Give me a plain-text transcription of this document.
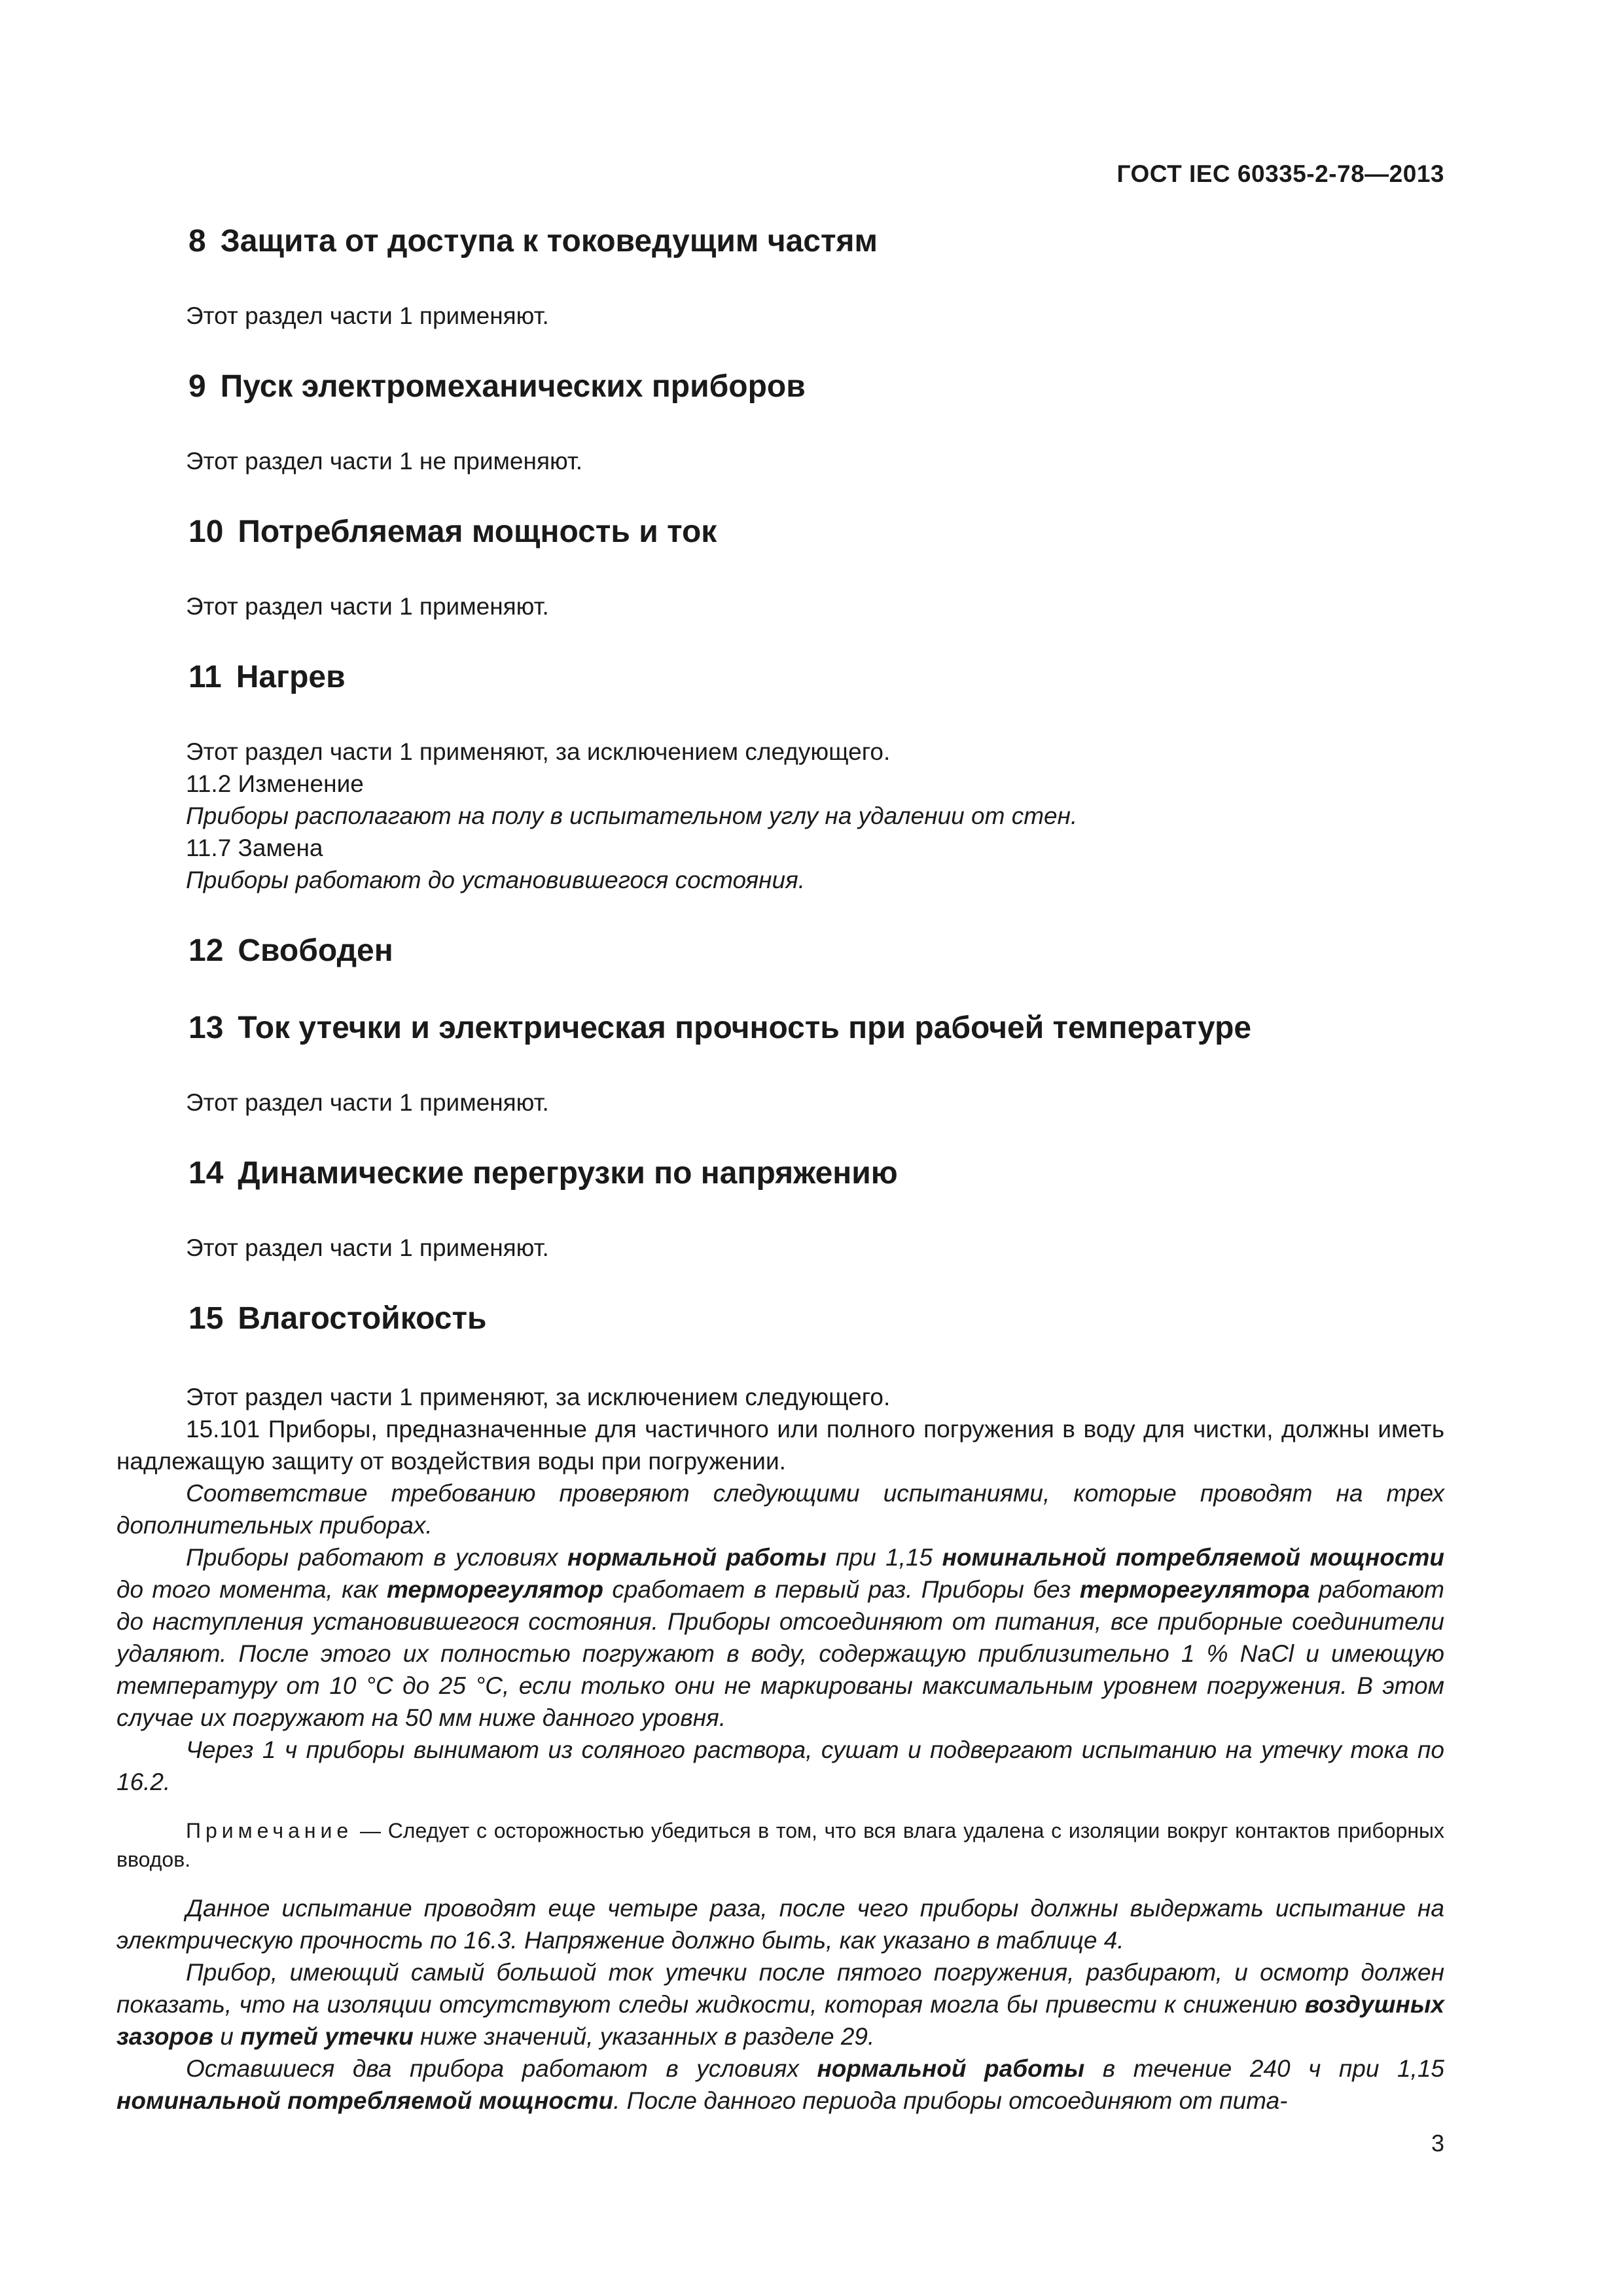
ГОСТ IEC 60335-2-78—2013
8 Защита от доступа к токоведущим частям

Этот раздел части 1 применяют.

9 Пуск электромеханических приборов

Этот раздел части 1 не применяют.

10 Потребляемая мощность и ток

Этот раздел части 1 применяют.

11 Нагрев

Этот раздел части 1 применяют, за исключением следующего.

11.2 Изменение

Приборы располагают на полу в испытательном углу на удалении от стен.

11.7 Замена

Приборы работают до установившегося состояния.

12 Свободен
13 Ток утечки и электрическая прочность при рабочей температуре

Этот раздел части 1 применяют.

14 Динамические перегрузки по напряжению

Этот раздел части 1 применяют.

15 Влагостойкость

Этот раздел части 1 применяют, за исключением следующего.

15.101 Приборы, предназначенные для частичного или полного погружения в воду для чистки, должны иметь надлежащую защиту от воздействия воды при погружении.

Соответствие требованию проверяют следующими испытаниями, которые проводят на трех дополнительных приборах.

Приборы работают в условиях нормальной работы при 1,15 номинальной потребляемой мощности до того момента, как терморегулятор сработает в первый раз. Приборы без терморегулятора работают до наступления установившегося состояния. Приборы отсоединяют от питания, все приборные соединители удаляют. После этого их полностью погружают в воду, содержащую приблизительно 1 % NaCl и имеющую температуру от 10 °C до 25 °C, если только они не маркированы максимальным уровнем погружения. В этом случае их погружают на 50 мм ниже данного уровня.

Через 1 ч приборы вынимают из соляного раствора, сушат и подвергают испытанию на утечку тока по 16.2.

Примечание — Следует с осторожностью убедиться в том, что вся влага удалена с изоляции вокруг контактов приборных вводов.

Данное испытание проводят еще четыре раза, после чего приборы должны выдержать испытание на электрическую прочность по 16.3. Напряжение должно быть, как указано в таблице 4.

Прибор, имеющий самый большой ток утечки после пятого погружения, разбирают, и осмотр должен показать, что на изоляции отсутствуют следы жидкости, которая могла бы привести к снижению воздушных зазоров и путей утечки ниже значений, указанных в разделе 29.

Оставшиеся два прибора работают в условиях нормальной работы в течение 240 ч при 1,15 номинальной потребляемой мощности. После данного периода приборы отсоединяют от пита-

3
